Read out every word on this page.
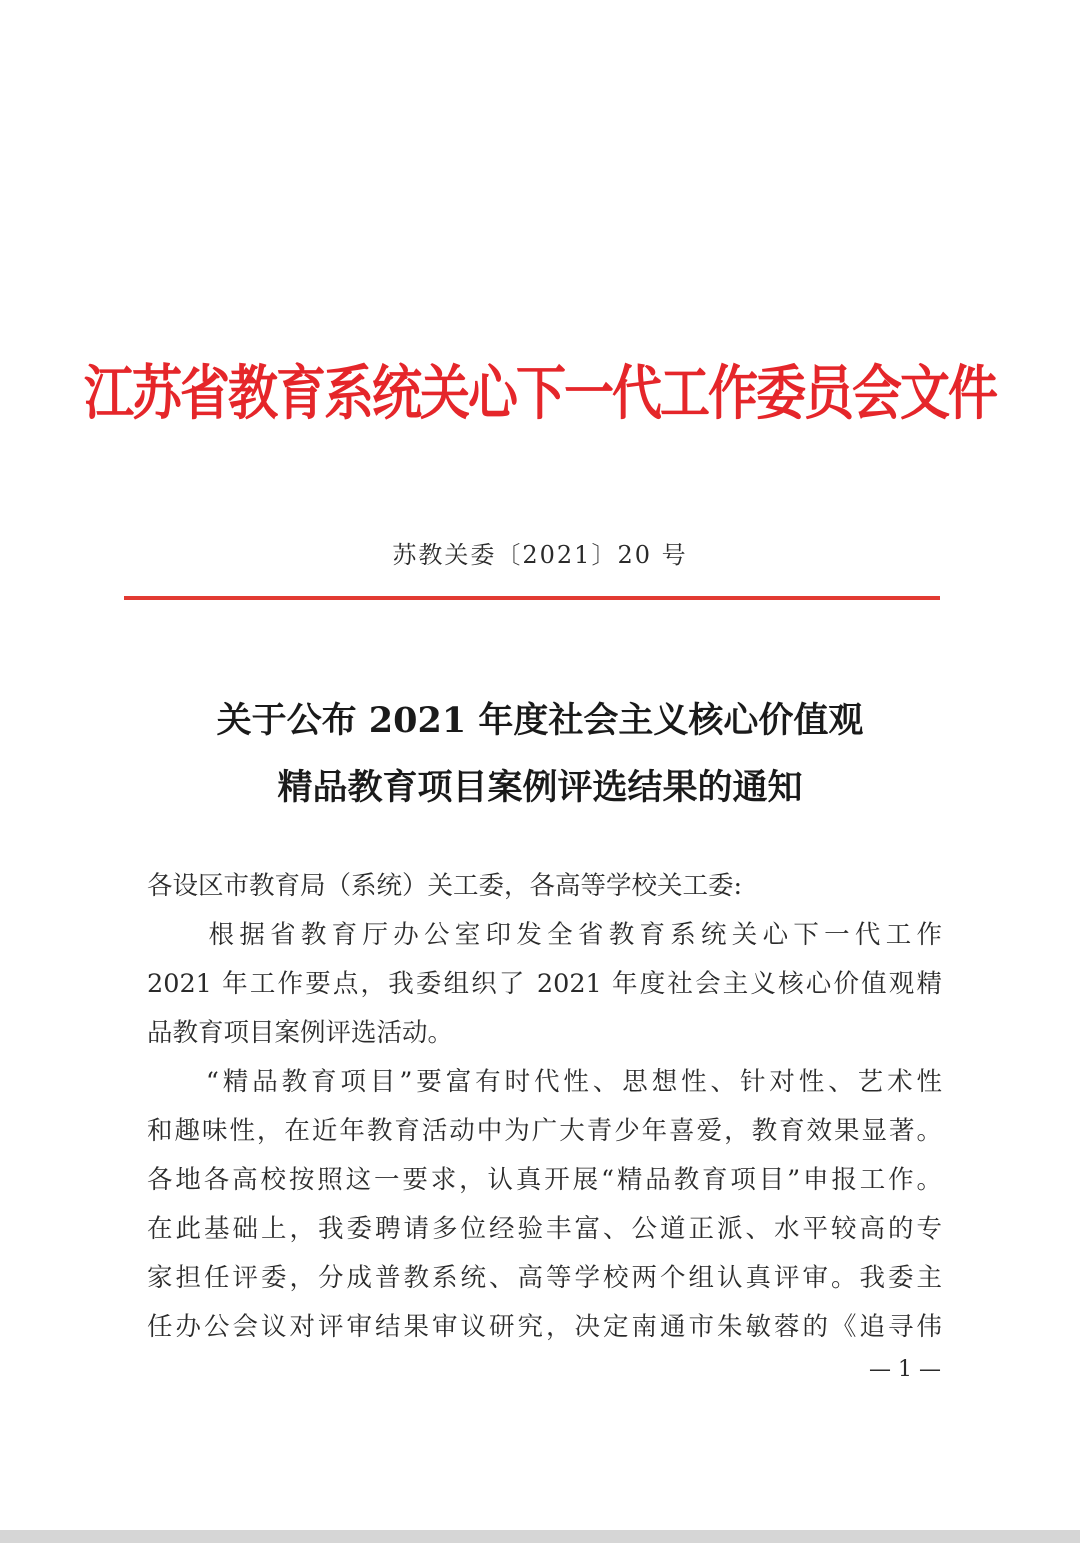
江苏省教育系统关心下一代工作委员会文件
苏教关委〔2021〕20 号
关于公布 2021 年度社会主义核心价值观
精品教育项目案例评选结果的通知
各设区市教育局（系统）关工委，各高等学校关工委:
　　根据省教育厅办公室印发全省教育系统关心下一代工作
2021 年工作要点，我委组织了 2021 年度社会主义核心价值观精
品教育项目案例评选活动。
　　“精品教育项目”要富有时代性、思想性、针对性、艺术性
和趣味性，在近年教育活动中为广大青少年喜爱，教育效果显著。
各地各高校按照这一要求，认真开展“精品教育项目”申报工作。
在此基础上，我委聘请多位经验丰富、公道正派、水平较高的专
家担任评委，分成普教系统、高等学校两个组认真评审。我委主
任办公会议对评审结果审议研究，决定南通市朱敏蓉的《追寻伟
— 1 —
